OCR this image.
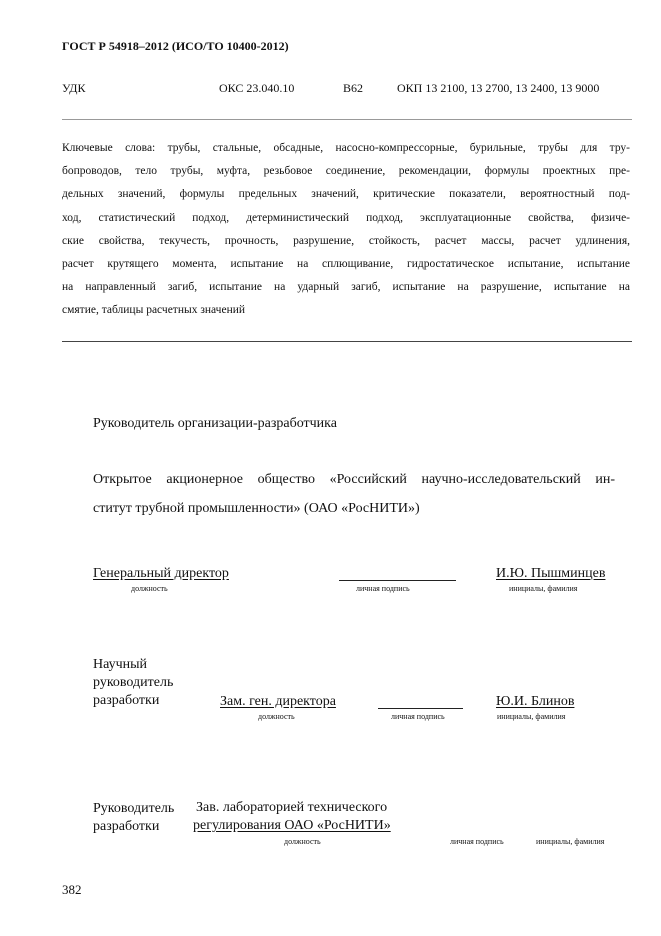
ГОСТ Р 54918–2012 (ИСО/ТО 10400-2012)
УДК	ОКС 23.040.10	В62	ОКП 13 2100, 13 2700, 13 2400, 13 9000
Ключевые слова: трубы, стальные, обсадные, насосно-компрессорные, бурильные, трубы для тру-
бопроводов, тело трубы, муфта, резьбовое соединение, рекомендации, формулы проектных пре-
дельных значений, формулы предельных значений, критические показатели, вероятностный под-
ход, статистический подход, детерминистический подход, эксплуатационные свойства, физиче-
ские свойства, текучесть, прочность, разрушение, стойкость, расчет массы, расчет удлинения,
расчет крутящего момента, испытание на сплющивание, гидростатическое испытание, испытание
на направленный загиб, испытание на ударный загиб, испытание на разрушение, испытание на
смятие, таблицы расчетных значений
Руководитель организации-разработчика
Открытое акционерное общество «Российский научно-исследовательский ин-
ститут трубной промышленности» (ОАО «РосНИТИ»)
Генеральный директор
должность	личная подпись
И.Ю. Пышминцев
инициалы, фамилия
Научный руководитель разработки	Зам. ген. директора
должность	личная подпись
Ю.И. Блинов
инициалы, фамилия
Руководитель разработки
Зав. лабораторией технического
регулирования ОАО «РосНИТИ»
должность	личная подпись	инициалы, фамилия
382
